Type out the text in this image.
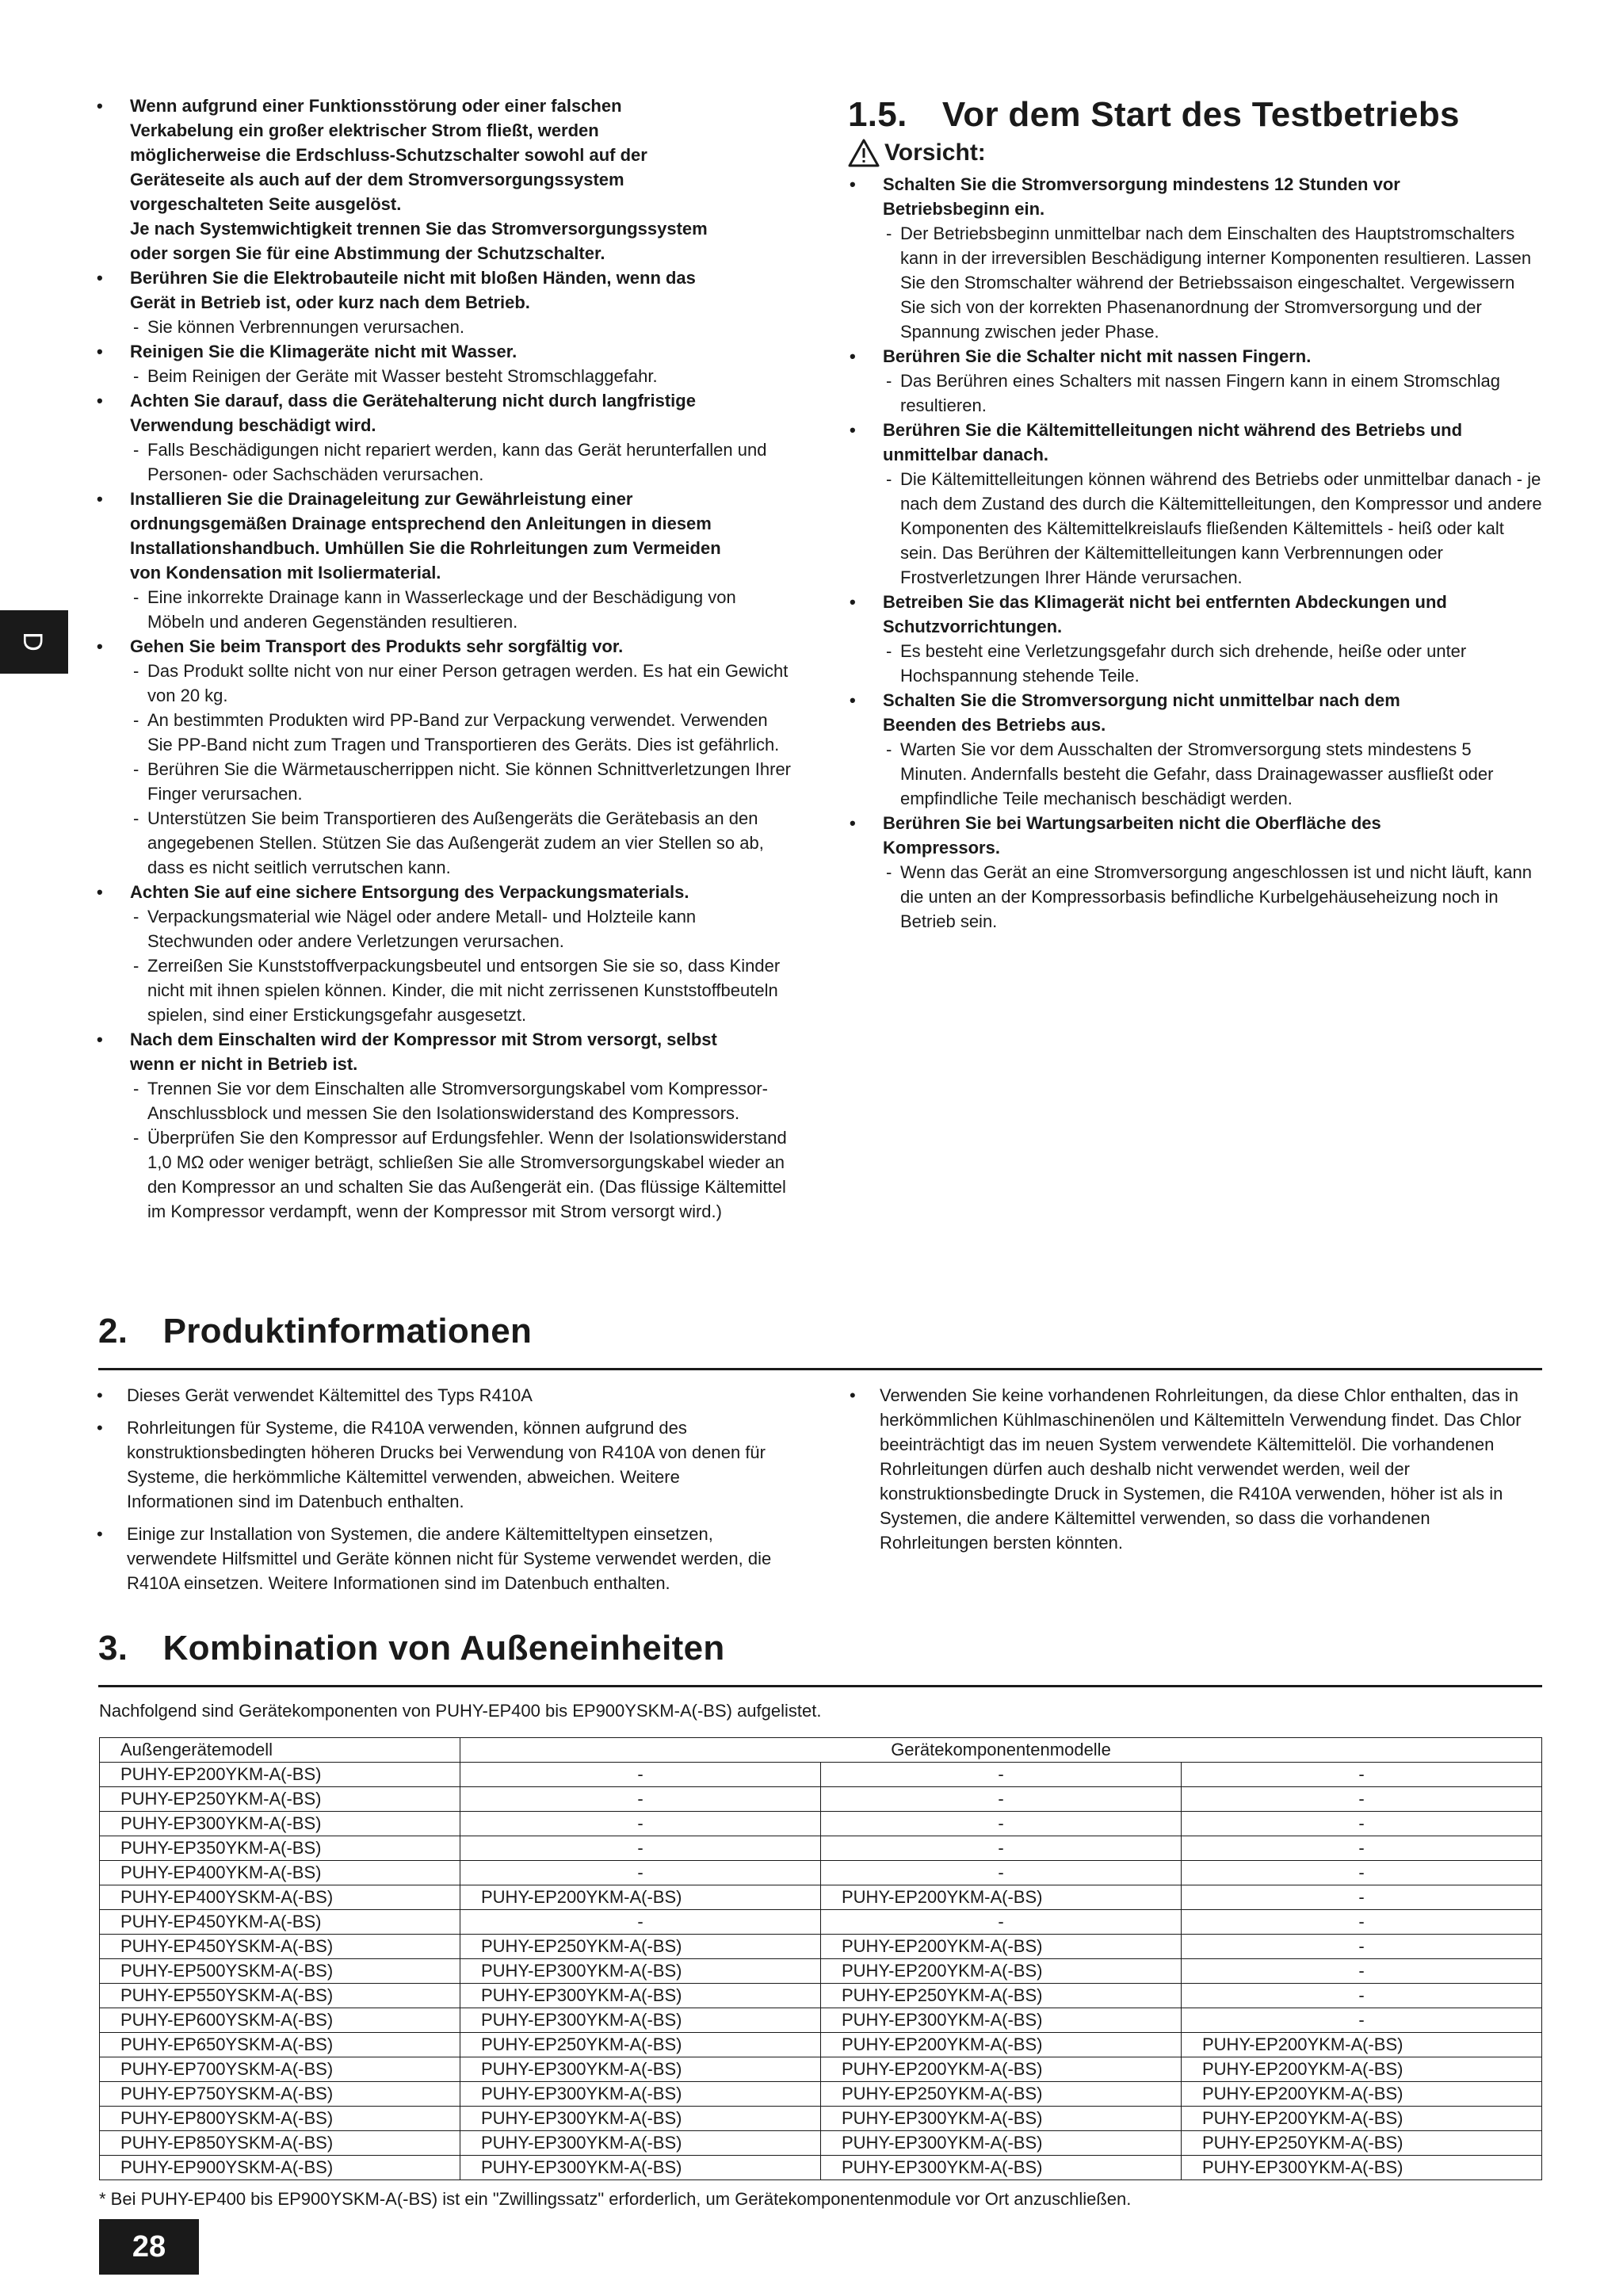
D
• Wenn aufgrund einer Funktionsstörung oder einer falschen
Verkabelung ein großer elektrischer Strom fließt, werden
möglicherweise die Erdschluss-Schutzschalter sowohl auf der
Geräteseite als auch auf der dem Stromversorgungssystem
vorgeschalteten Seite ausgelöst.
Je nach Systemwichtigkeit trennen Sie das Stromversorgungssystem
oder sorgen Sie für eine Abstimmung der Schutzschalter.
• Berühren Sie die Elektrobauteile nicht mit bloßen Händen, wenn das
Gerät in Betrieb ist, oder kurz nach dem Betrieb.
- Sie können Verbrennungen verursachen.
• Reinigen Sie die Klimageräte nicht mit Wasser.
- Beim Reinigen der Geräte mit Wasser besteht Stromschlaggefahr.
• Achten Sie darauf, dass die Gerätehalterung nicht durch langfristige
Verwendung beschädigt wird.
- Falls Beschädigungen nicht repariert werden, kann das Gerät herunterfallen und Personen- oder Sachschäden verursachen.
• Installieren Sie die Drainageleitung zur Gewährleistung einer
ordnungsgemäßen Drainage entsprechend den Anleitungen in diesem
Installationshandbuch. Umhüllen Sie die Rohrleitungen zum Vermeiden
von Kondensation mit Isoliermaterial.
- Eine inkorrekte Drainage kann in Wasserleckage und der Beschädigung von Möbeln und anderen Gegenständen resultieren.
• Gehen Sie beim Transport des Produkts sehr sorgfältig vor.
- Das Produkt sollte nicht von nur einer Person getragen werden. Es hat ein Gewicht von 20 kg.
- An bestimmten Produkten wird PP-Band zur Verpackung verwendet. Verwenden Sie PP-Band nicht zum Tragen und Transportieren des Geräts. Dies ist gefährlich.
- Berühren Sie die Wärmetauscherrippen nicht. Sie können Schnittverletzungen Ihrer Finger verursachen.
- Unterstützen Sie beim Transportieren des Außengeräts die Gerätebasis an den angegebenen Stellen. Stützen Sie das Außengerät zudem an vier Stellen so ab, dass es nicht seitlich verrutschen kann.
• Achten Sie auf eine sichere Entsorgung des Verpackungsmaterials.
- Verpackungsmaterial wie Nägel oder andere Metall- und Holzteile kann Stechwunden oder andere Verletzungen verursachen.
- Zerreißen Sie Kunststoffverpackungsbeutel und entsorgen Sie sie so, dass Kinder nicht mit ihnen spielen können. Kinder, die mit nicht zerrissenen Kunststoffbeuteln spielen, sind einer Erstickungsgefahr ausgesetzt.
• Nach dem Einschalten wird der Kompressor mit Strom versorgt, selbst
wenn er nicht in Betrieb ist.
- Trennen Sie vor dem Einschalten alle Stromversorgungskabel vom Kompressor-Anschlussblock und messen Sie den Isolationswiderstand des Kompressors.
- Überprüfen Sie den Kompressor auf Erdungsfehler. Wenn der Isolationswiderstand 1,0 MΩ oder weniger beträgt, schließen Sie alle Stromversorgungskabel wieder an den Kompressor an und schalten Sie das Außengerät ein. (Das flüssige Kältemittel im Kompressor verdampft, wenn der Kompressor mit Strom versorgt wird.)
1.5. Vor dem Start des Testbetriebs
Vorsicht:
• Schalten Sie die Stromversorgung mindestens 12 Stunden vor
Betriebsbeginn ein.
- Der Betriebsbeginn unmittelbar nach dem Einschalten des Hauptstromschalters kann in der irreversiblen Beschädigung interner Komponenten resultieren. Lassen Sie den Stromschalter während der Betriebssaison eingeschaltet. Vergewissern Sie sich von der korrekten Phasenanordnung der Stromversorgung und der Spannung zwischen jeder Phase.
• Berühren Sie die Schalter nicht mit nassen Fingern.
- Das Berühren eines Schalters mit nassen Fingern kann in einem Stromschlag resultieren.
• Berühren Sie die Kältemittelleitungen nicht während des Betriebs und
unmittelbar danach.
- Die Kältemittelleitungen können während des Betriebs oder unmittelbar danach - je nach dem Zustand des durch die Kältemittelleitungen, den Kompressor und andere Komponenten des Kältemittelkreislaufs fließenden Kältemittels - heiß oder kalt sein. Das Berühren der Kältemittelleitungen kann Verbrennungen oder Frostverletzungen Ihrer Hände verursachen.
• Betreiben Sie das Klimagerät nicht bei entfernten Abdeckungen und
Schutzvorrichtungen.
- Es besteht eine Verletzungsgefahr durch sich drehende, heiße oder unter Hochspannung stehende Teile.
• Schalten Sie die Stromversorgung nicht unmittelbar nach dem
Beenden des Betriebs aus.
- Warten Sie vor dem Ausschalten der Stromversorgung stets mindestens 5 Minuten. Andernfalls besteht die Gefahr, dass Drainagewasser ausfließt oder empfindliche Teile mechanisch beschädigt werden.
• Berühren Sie bei Wartungsarbeiten nicht die Oberfläche des
Kompressors.
- Wenn das Gerät an eine Stromversorgung angeschlossen ist und nicht läuft, kann die unten an der Kompressorbasis befindliche Kurbelgehäuseheizung noch in Betrieb sein.
2. Produktinformationen
• Dieses Gerät verwendet Kältemittel des Typs R410A
• Rohrleitungen für Systeme, die R410A verwenden, können aufgrund des konstruktionsbedingten höheren Drucks bei Verwendung von R410A von denen für Systeme, die herkömmliche Kältemittel verwenden, abweichen. Weitere Informationen sind im Datenbuch enthalten.
• Einige zur Installation von Systemen, die andere Kältemitteltypen einsetzen, verwendete Hilfsmittel und Geräte können nicht für Systeme verwendet werden, die R410A einsetzen. Weitere Informationen sind im Datenbuch enthalten.
• Verwenden Sie keine vorhandenen Rohrleitungen, da diese Chlor enthalten, das in herkömmlichen Kühlmaschinenölen und Kältemitteln Verwendung findet. Das Chlor beeinträchtigt das im neuen System verwendete Kältemittelöl. Die vorhandenen Rohrleitungen dürfen auch deshalb nicht verwendet werden, weil der konstruktionsbedingte Druck in Systemen, die R410A verwenden, höher ist als in Systemen, die andere Kältemittel verwenden, so dass die vorhandenen Rohrleitungen bersten könnten.
3. Kombination von Außeneinheiten
Nachfolgend sind Gerätekomponenten von PUHY-EP400 bis EP900YSKM-A(-BS) aufgelistet.
Außengerätemodell	Gerätekomponentenmodelle		
PUHY-EP200YKM-A(-BS)	-	-	-
PUHY-EP250YKM-A(-BS)	-	-	-
PUHY-EP300YKM-A(-BS)	-	-	-
PUHY-EP350YKM-A(-BS)	-	-	-
PUHY-EP400YKM-A(-BS)	-	-	-
PUHY-EP400YSKM-A(-BS)	PUHY-EP200YKM-A(-BS)	PUHY-EP200YKM-A(-BS)	-
PUHY-EP450YKM-A(-BS)	-	-	-
PUHY-EP450YSKM-A(-BS)	PUHY-EP250YKM-A(-BS)	PUHY-EP200YKM-A(-BS)	-
PUHY-EP500YSKM-A(-BS)	PUHY-EP300YKM-A(-BS)	PUHY-EP200YKM-A(-BS)	-
PUHY-EP550YSKM-A(-BS)	PUHY-EP300YKM-A(-BS)	PUHY-EP250YKM-A(-BS)	-
PUHY-EP600YSKM-A(-BS)	PUHY-EP300YKM-A(-BS)	PUHY-EP300YKM-A(-BS)	-
PUHY-EP650YSKM-A(-BS)	PUHY-EP250YKM-A(-BS)	PUHY-EP200YKM-A(-BS)	PUHY-EP200YKM-A(-BS)
PUHY-EP700YSKM-A(-BS)	PUHY-EP300YKM-A(-BS)	PUHY-EP200YKM-A(-BS)	PUHY-EP200YKM-A(-BS)
PUHY-EP750YSKM-A(-BS)	PUHY-EP300YKM-A(-BS)	PUHY-EP250YKM-A(-BS)	PUHY-EP200YKM-A(-BS)
PUHY-EP800YSKM-A(-BS)	PUHY-EP300YKM-A(-BS)	PUHY-EP300YKM-A(-BS)	PUHY-EP200YKM-A(-BS)
PUHY-EP850YSKM-A(-BS)	PUHY-EP300YKM-A(-BS)	PUHY-EP300YKM-A(-BS)	PUHY-EP250YKM-A(-BS)
PUHY-EP900YSKM-A(-BS)	PUHY-EP300YKM-A(-BS)	PUHY-EP300YKM-A(-BS)	PUHY-EP300YKM-A(-BS)
* Bei PUHY-EP400 bis EP900YSKM-A(-BS) ist ein "Zwillingssatz" erforderlich, um Gerätekomponentenmodule vor Ort anzuschließen.
28
